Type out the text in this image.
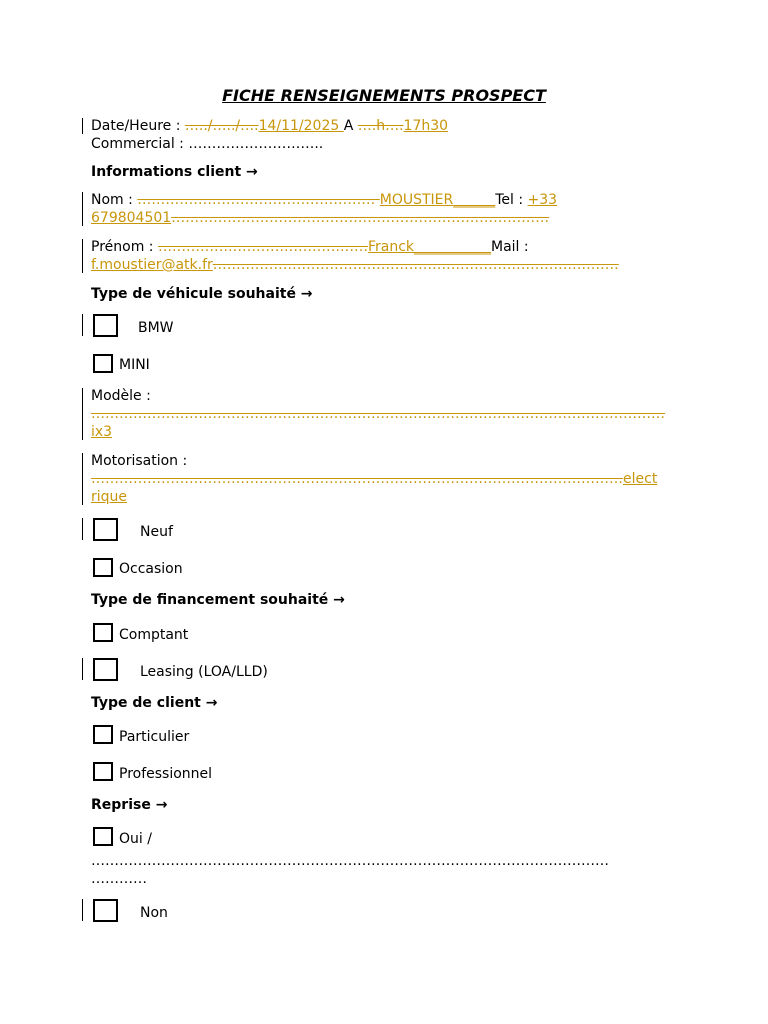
FICHE RENSEIGNEMENTS PROSPECT
Date/Heure : …../…../….14/11/2025 A ….h….17h30
Commercial : ………………………..
Informations client →
Nom : …………………………………………… MOUSTIER______Tel : +33
679804501………………………………………………………………………
Prénom : ………………………………………Franck___________Mail :
f.moustier@atk.fr……………………………………………………………………………
Type de véhicule souhaité →
BMW
MINI
Modèle :
……………………………………………………………………………………………………………
ix3
Motorisation :
……………………………………………………………………………………………………elect
rique
Neuf
Occasion
Type de financement souhaité →
Comptant
Leasing (LOA/LLD)
Type de client →
Particulier
Professionnel
Reprise →
Oui /
…………………………………………………………………………………………………
…………
Non
